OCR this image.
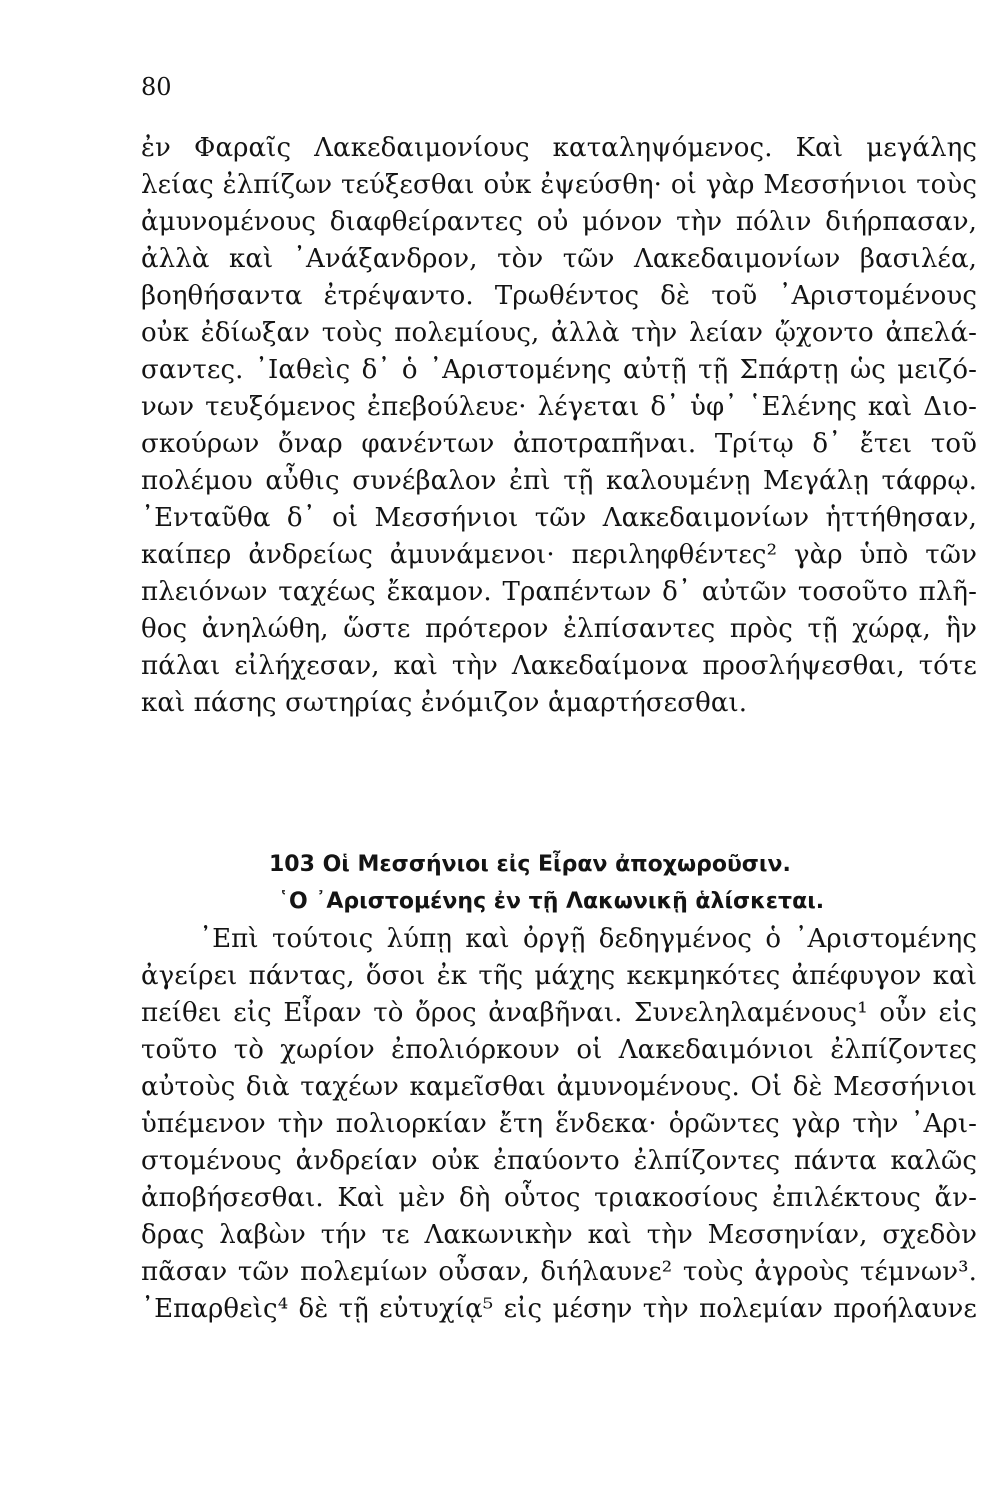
80
ἐν Φαραῖς Λακεδαιμονίους καταληψόμενος. Καὶ μεγάλης
λείας ἐλπίζων τεύξεσθαι οὐκ ἐψεύσθη· οἱ γὰρ Μεσσήνιοι τοὺς
ἀμυνομένους διαφθείραντες οὐ μόνον τὴν πόλιν διήρπασαν,
ἀλλὰ καὶ ᾿Ανάξανδρον, τὸν τῶν Λακεδαιμονίων βασιλέα,
βοηθήσαντα ἐτρέψαντο. Τρωθέντος δὲ τοῦ ᾿Αριστομένους
οὐκ ἐδίωξαν τοὺς πολεμίους, ἀλλὰ τὴν λείαν ᾤχοντο ἀπελά-
σαντες. ᾿Ιαθεὶς δ᾿ ὁ ᾿Αριστομένης αὐτῇ τῇ Σπάρτῃ ὡς μειζό-
νων τευξόμενος ἐπεβούλευε· λέγεται δ᾿ ὑφ᾿ ῾Ελένης καὶ Διο-
σκούρων ὄναρ φανέντων ἀποτραπῆναι. Τρίτῳ δ᾿ ἔτει τοῦ
πολέμου αὖθις συνέβαλον ἐπὶ τῇ καλουμένῃ Μεγάλῃ τάφρῳ.
᾿Ενταῦθα δ᾿ οἱ Μεσσήνιοι τῶν Λακεδαιμονίων ἡττήθησαν,
καίπερ ἀνδρείως ἀμυνάμενοι· περιληφθέντες² γὰρ ὑπὸ τῶν
πλειόνων ταχέως ἔκαμον. Τραπέντων δ᾿ αὐτῶν τοσοῦτο πλῆ-
θος ἀνηλώθη, ὥστε πρότερον ἐλπίσαντες πρὸς τῇ χώρᾳ, ἣν
πάλαι εἰλήχεσαν, καὶ τὴν Λακεδαίμονα προσλήψεσθαι, τότε
καὶ πάσης σωτηρίας ἐνόμιζον ἁμαρτήσεσθαι.
103 Οἱ Μεσσήνιοι εἰς Εἶραν ἀποχωροῦσιν.
῾Ο ᾿Αριστομένης ἐν τῇ Λακωνικῇ ἁλίσκεται.
᾿Επὶ τούτοις λύπῃ καὶ ὀργῇ δεδηγμένος ὁ ᾿Αριστομένης
ἀγείρει πάντας, ὅσοι ἐκ τῆς μάχης κεκμηκότες ἀπέφυγον καὶ
πείθει εἰς Εἶραν τὸ ὄρος ἀναβῆναι. Συνεληλαμένους¹ οὖν εἰς
τοῦτο τὸ χωρίον ἐπολιόρκουν οἱ Λακεδαιμόνιοι ἐλπίζοντες
αὐτοὺς διὰ ταχέων καμεῖσθαι ἀμυνομένους. Οἱ δὲ Μεσσήνιοι
ὑπέμενον τὴν πολιορκίαν ἔτη ἕνδεκα· ὁρῶντες γὰρ τὴν ᾿Αρι-
στομένους ἀνδρείαν οὐκ ἐπαύοντο ἐλπίζοντες πάντα καλῶς
ἀποβήσεσθαι. Καὶ μὲν δὴ οὗτος τριακοσίους ἐπιλέκτους ἄν-
δρας λαβὼν τήν τε Λακωνικὴν καὶ τὴν Μεσσηνίαν, σχεδὸν
πᾶσαν τῶν πολεμίων οὖσαν, διήλαυνε² τοὺς ἀγροὺς τέμνων³.
᾿Επαρθεὶς⁴ δὲ τῇ εὐτυχίᾳ⁵ εἰς μέσην τὴν πολεμίαν προήλαυνε
